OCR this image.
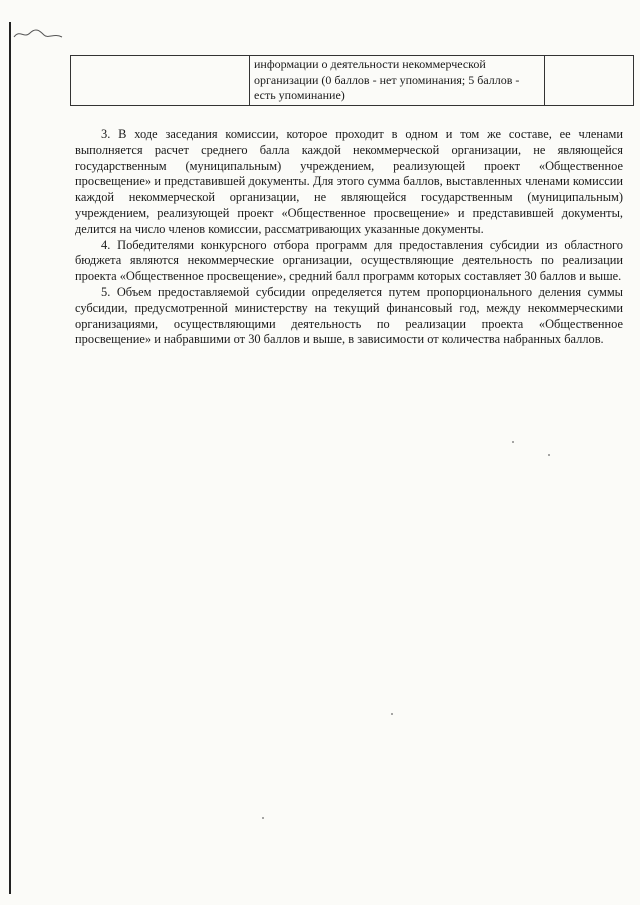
информации о деятельности некоммерческой организации (0 баллов - нет упоминания; 5 баллов - есть упоминание)

3. В ходе заседания комиссии, которое проходит в одном и том же составе, ее членами выполняется расчет среднего балла каждой некоммерческой организации, не являющейся государственным (муниципальным) учреждением, реализующей проект «Общественное просвещение» и представившей документы. Для этого сумма баллов, выставленных членами комиссии каждой некоммерческой организации, не являющейся государственным (муниципальным) учреждением, реализующей проект «Общественное просвещение» и представившей документы, делится на число членов комиссии, рассматривающих указанные документы.

4. Победителями конкурсного отбора программ для предоставления субсидии из областного бюджета являются некоммерческие организации, осуществляющие деятельность по реализации проекта «Общественное просвещение», средний балл программ которых составляет 30 баллов и выше.

5. Объем предоставляемой субсидии определяется путем пропорционального деления суммы субсидии, предусмотренной министерству на текущий финансовый год, между некоммерческими организациями, осуществляющими деятельность по реализации проекта «Общественное просвещение» и набравшими от 30 баллов и выше, в зависимости от количества набранных баллов.
